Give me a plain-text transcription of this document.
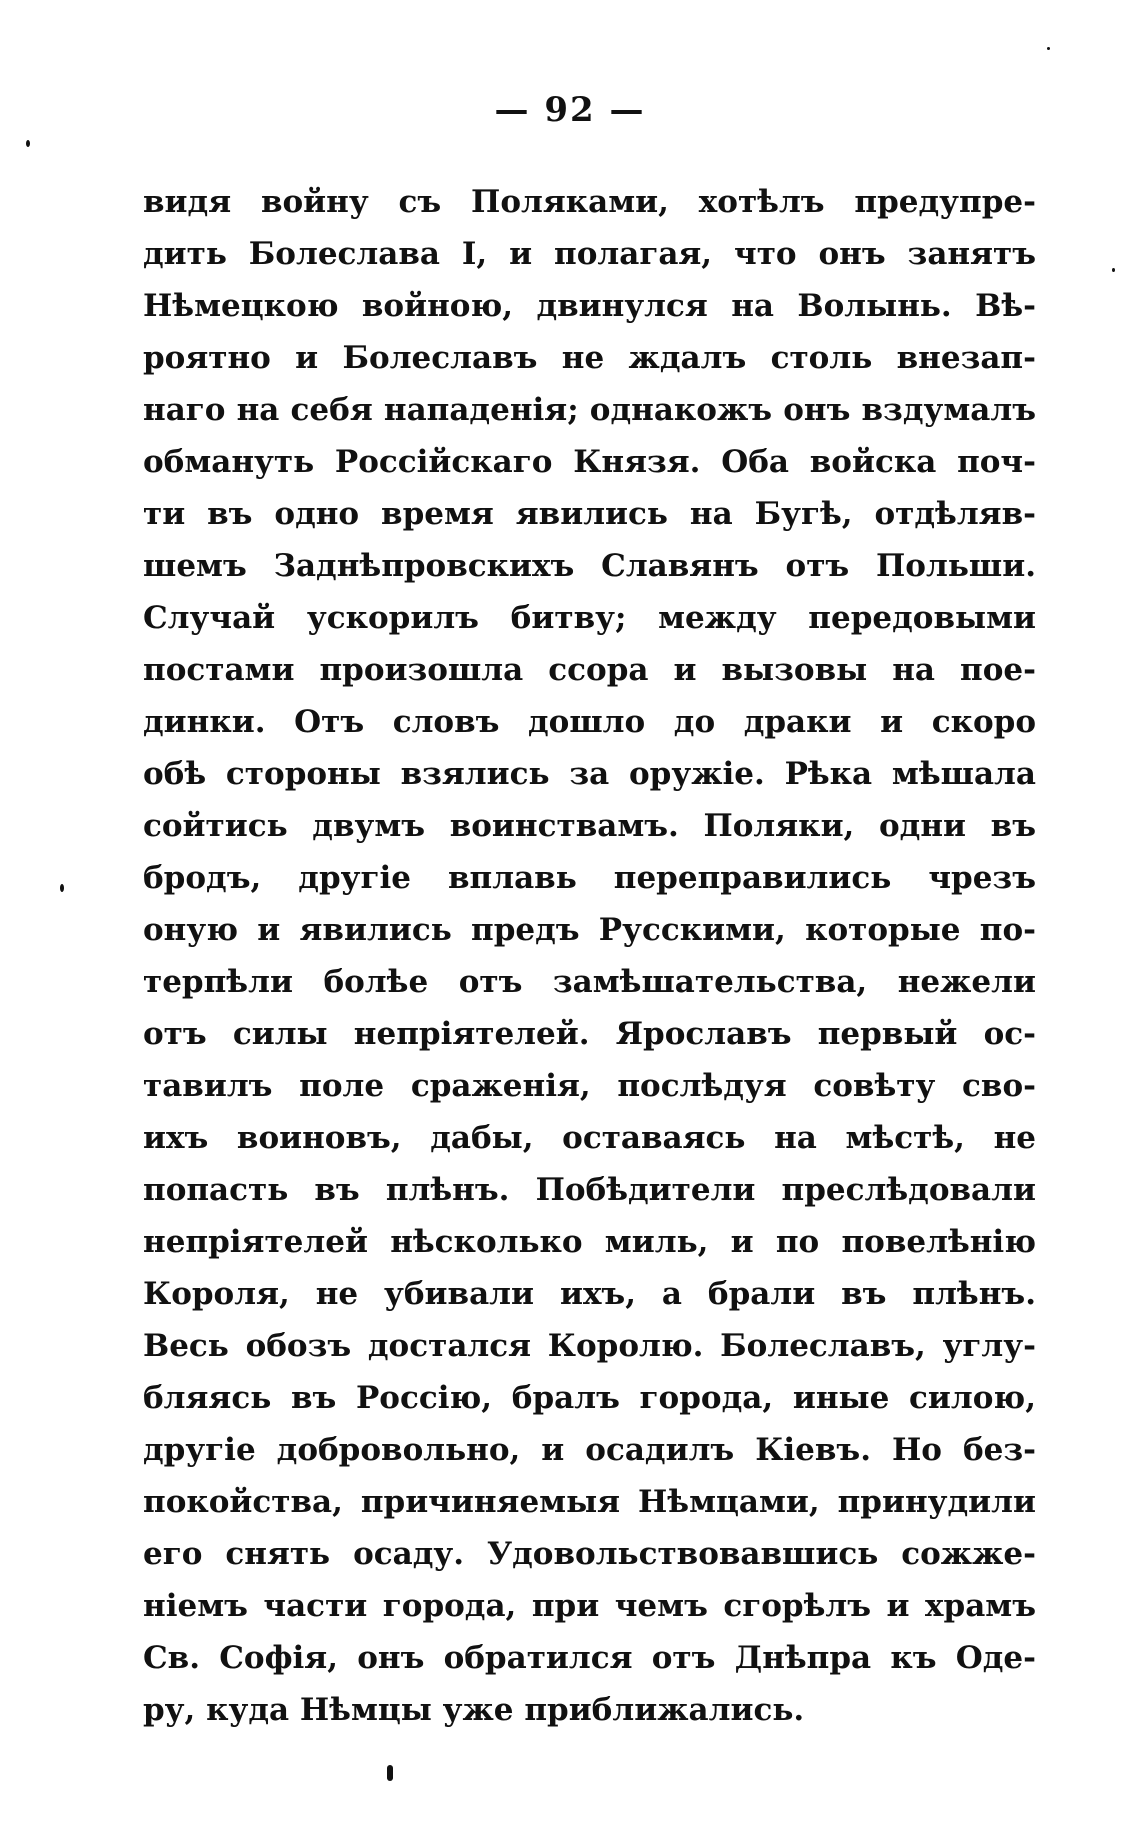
— 92 —
видя войну съ Поляками, хотѣлъ предупре-
дить Болеслава I, и полагая, что онъ занятъ
Нѣмецкою войною, двинулся на Волынь. Вѣ-
роятно и Болеславъ не ждалъ столь внезап-
наго на себя нападенія; однакожъ онъ вздумалъ
обмануть Россійскаго Князя. Оба войска поч-
ти въ одно время явились на Бугѣ, отдѣляв-
шемъ Заднѣпровскихъ Славянъ отъ Польши.
Случай ускорилъ битву; между передовыми
постами произошла ссора и вызовы на пое-
динки. Отъ словъ дошло до драки и скоро
обѣ стороны взялись за оружіе. Рѣка мѣшала
сойтись двумъ воинствамъ. Поляки, одни въ
бродъ, другіе вплавь переправились чрезъ
оную и явились предъ Русскими, которые по-
терпѣли болѣе отъ замѣшательства, нежели
отъ силы непріятелей. Ярославъ первый ос-
тавилъ поле сраженія, послѣдуя совѣту сво-
ихъ воиновъ, дабы, оставаясь на мѣстѣ, не
попасть въ плѣнъ. Побѣдители преслѣдовали
непріятелей нѣсколько миль, и по повелѣнію
Короля, не убивали ихъ, а брали въ плѣнъ.
Весь обозъ достался Королю. Болеславъ, углу-
бляясь въ Россію, бралъ города, иные силою,
другіе добровольно, и осадилъ Кіевъ. Но без-
покойства, причиняемыя Нѣмцами, принудили
его снять осаду. Удовольствовавшись сожже-
ніемъ части города, при чемъ сгорѣлъ и храмъ
Св. Софія, онъ обратился отъ Днѣпра къ Оде-
ру, куда Нѣмцы уже приближались.
